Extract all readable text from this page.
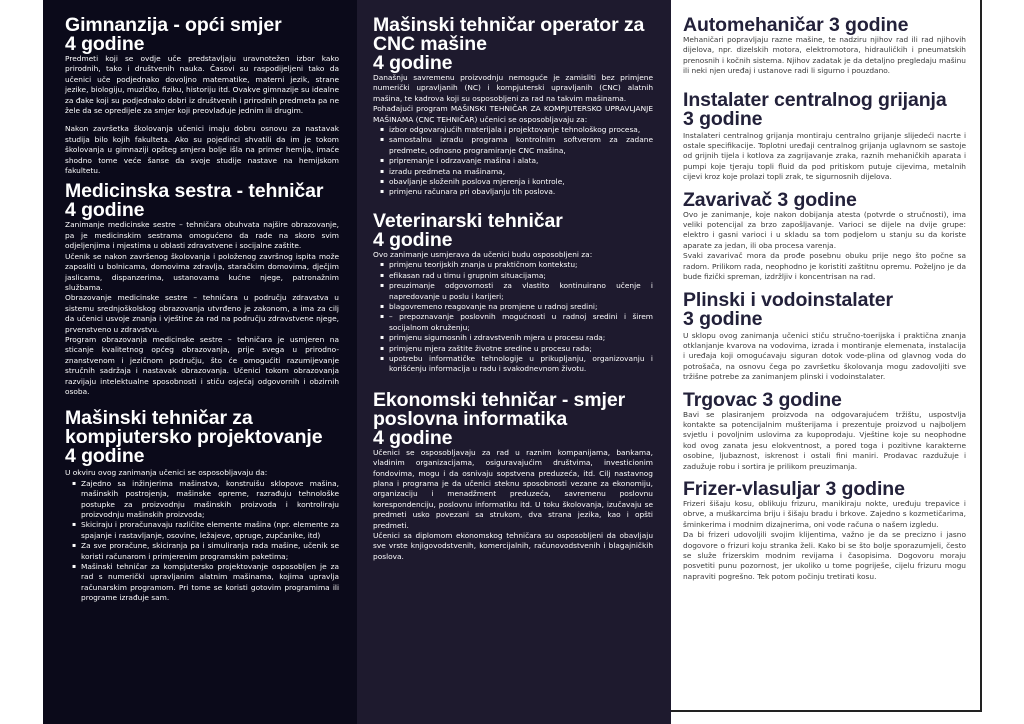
Gimnanzija - opći smjer
4 godine

Predmeti koji se ovdje uče predstavljaju uravnotežen izbor kako prirodnih, tako i društvenih nauka. Časovi su raspodijeljeni tako da učenici uče podjednako dovoljno matematike, materni jezik, strane jezike, biologiju, muzičko, fiziku, historiju itd. Ovakve gimnazije su idealne za đake koji su podjednako dobri iz društvenih i prirodnih predmeta pa ne žele da se opredijele za smjer koji preovlađuje jednim ili drugim.

Nakon završetka školovanja učenici imaju dobru osnovu za nastavak studija bilo kojih fakulteta. Ako su pojedinci shvatili da im je tokom školovanja u gimnaziji opšteg smjera bolje išla na primer hemija, imaće shodno tome veće šanse da svoje studije nastave na hemijskom fakultetu.

Medicinska sestra - tehničar
4 godine

Zanimanje medicinske sestre – tehničara obuhvata najšire obrazovanje, pa je medicinskim sestrama omogućeno da rade na skoro svim odjeljenjima i mjestima u oblasti zdravstvene i socijalne zaštite.

Učenik se nakon završenog školovanja i položenog završnog ispita može zaposliti u bolnicama, domovima zdravlja, staračkim domovima, dječjim jaslicama, dispanzerima, ustanovama kućne njege, patronažnim službama.

Obrazovanje medicinske sestre – tehničara u području zdravstva u sistemu srednjoškolskog obrazovanja utvrđeno je zakonom, a ima za cilj da učenici usvoje znanja i vještine za rad na području zdravstvene njege, prvenstveno u zdravstvu.

Program obrazovanja medicinske sestre – tehničara je usmjeren na sticanje kvalitetnog općeg obrazovanja, prije svega u prirodno-znanstvenom i jezičnom području, što će omogućiti razumijevanje stručnih sadržaja i nastavak obrazovanja. Učenici tokom obrazovanja razvijaju intelektualne sposobnosti i stiču osjećaj odgovornih i obzirnih osoba.

Mašinski tehničar za kompjutersko projektovanje
4 godine

U okviru ovog zanimanja učenici se osposobljavaju da:

▪ Zajedno sa inžinjerima mašinstva, konstruišu sklopove mašina, mašinskih postrojenja, mašinske opreme, razrađuju tehnološke postupke za proizvodnju mašinskih proizvoda i kontroliraju proizvodnju mašinskih proizvoda;
▪ Skiciraju i proračunavaju različite elemente mašina (npr. elemente za spajanje i rastavljanje, osovine, ležajeve, opruge, zupčanike, itd)
▪ Za sve proračune, skiciranja pa i simuliranja rada mašine, učenik se koristi računarom i primjerenim programskim paketima;
▪ Mašinski tehničar za kompjutersko projektovanje osposobljen je za rad s numerički upravljanim alatnim mašinama, kojima upravlja računarskim programom. Pri tome se koristi gotovim programima ili programe izrađuje sam.
Mašinski tehničar operator za CNC mašine
4 godine

Današnju savremenu proizvodnju nemoguće je zamisliti bez primjene numerički upravljanih (NC) i kompjuterski upravljanih (CNC) alatnih mašina, te kadrova koji su osposobljeni za rad na takvim mašinama.

Pohađajući program MAŠINSKI TEHNIČAR ZA KOMPJUTERSKO UPRAVLJANJE MAŠINAMA (CNC TEHNIČAR) učenici se osposobljavaju za:

▪ izbor odgovarajućih materijala i projektovanje tehnološkog procesa,
▪ samostalnu izradu programa kontrolnim softverom za zadane predmete, odnosno programiranje CNC mašina,
▪ pripremanje i odrzavanje mašina i alata,
▪ izradu predmeta na mašinama,
▪ obavljanje složenih poslova mjerenja i kontrole,
▪ primjenu računara pri obavljanju tih poslova.
Veterinarski tehničar
4 godine

Ovo zanimanje usmjerava da učenici budu osposobljeni za:

▪ primjenu teorijskih znanja u praktičnom kontekstu;
▪ efikasan rad u timu i grupnim situacijama;
▪ preuzimanje odgovornosti za vlastito kontinuirano učenje i napredovanje u poslu i karijeri;
▪ blagovremeno reagovanje na promjene u radnoj sredini;
▪ – prepoznavanje poslovnih mogućnosti u radnoj sredini i širem socijalnom okruženju;
▪ primjenu sigurnosnih i zdravstvenih mjera u procesu rada;
▪ primjenu mjera zaštite životne sredine u procesu rada;
▪ upotrebu informatičke tehnologije u prikupljanju, organizovanju i korišćenju informacija u radu i svakodnevnom životu.
Ekonomski tehničar - smjer poslovna informatika
4 godine

Učenici se osposobljavaju za rad u raznim kompanijama, bankama, vladinim organizacijama, osiguravajućim društvima, investicionim fondovima, mogu i da osnivaju sopstvena preduzeća, itd. Cilj nastavnog plana i programa je da učenici steknu sposobnosti vezane za ekonomiju, organizaciju i menadžment preduzeća, savremenu poslovnu korespondenciju, poslovnu informatiku itd. U toku školovanja, izučavaju se predmeti usko povezani sa strukom, dva strana jezika, kao i opšti predmeti.

Učenici sa diplomom ekonomskog tehničara su osposobljeni da obavljaju sve vrste knjigovodstvenih, komercijalnih, računovodstvenih i blagajničkih poslova.

Automehaničar 3 godine

Mehaničari popravljaju razne mašine, te nadziru njihov rad ili rad njihovih dijelova, npr. dizelskih motora, elektromotora, hidrauličkih i pneumatskih prenosnih i kočnih sistema. Njihov zadatak je da detaljno pregledaju mašinu ili neki njen uređaj i ustanove radi li sigurno i pouzdano.

Instalater centralnog grijanja
3 godine

Instalateri centralnog grijanja montiraju centralno grijanje slijedeći nacrte i ostale specifikacije. Toplotni uređaji centralnog grijanja uglavnom se sastoje od grijnih tijela i kotlova za zagrijavanje zraka, raznih mehaničkih aparata i pumpi koje tjeraju topli fluid da pod pritiskom putuje cijevima, metalnih cijevi kroz koje prolazi topli zrak, te sigurnosnih dijelova.

Zavarivač 3 godine

Ovo je zanimanje, koje nakon dobijanja atesta (potvrde o stručnosti), ima veliki potencijal za brzo zapošljavanje. Varioci se dijele na dvije grupe: elektro i gasni varioci i u skladu sa tom podjelom u stanju su da koriste aparate za jedan, ili oba procesa varenja.

Svaki zavarivač mora da prođe posebnu obuku prije nego što počne sa radom. Prilikom rada, neophodno je koristiti zaštitnu opremu. Poželjno je da bude fizički spreman, izdržljiv i koncentrisan na rad.

Plinski i vodoinstalater
3 godine

U sklopu ovog zanimanja učenici stiču stručno-toerijska i praktična znanja otklanjanje kvarova na vodovima, izrada i montiranje elemenata, instalacija i uređaja koji omogućavaju siguran dotok vode-plina od glavnog voda do potrošača, na osnovu čega po završetku školovanja mogu zadovoljiti sve tržišne potrebe za zanimanjem plinski i vodoinstalater.

Trgovac 3 godine

Bavi se plasiranjem proizvoda na odgovarajućem tržištu, uspostvlja kontakte sa potencijalnim mušterijama i prezentuje proizvod u najboljem svjetlu i povoljnim uslovima za kupoprodaju. Vještine koje su neophodne kod ovog zanata jesu elokventnost, a pored toga i pozitivne karakterne osobine, ljubaznost, iskrenost i ostali fini maniri. Prodavac razdužuje i zadužuje robu i sortira je prilikom preuzimanja.

Frizer-vlasuljar 3 godine

Frizeri šišaju kosu, oblikuju frizuru, manikiraju nokte, uređuju trepavice i obrve, a muškarcima briju i šišaju bradu i brkove. Zajedno s kozmetičarima, šminkerima i modnim dizajnerima, oni vode računa o našem izgledu.

Da bi frizeri udovoljili svojim klijentima, važno je da se precizno i jasno dogovore o frizuri koju stranka želi. Kako bi se što bolje sporazumjeli, često se služe frizerskim modnim revijama i časopisima. Dogovoru moraju posvetiti punu pozornost, jer ukoliko u tome pogriješe, cijelu frizuru mogu napraviti pogrešno. Tek potom počinju tretirati kosu.
